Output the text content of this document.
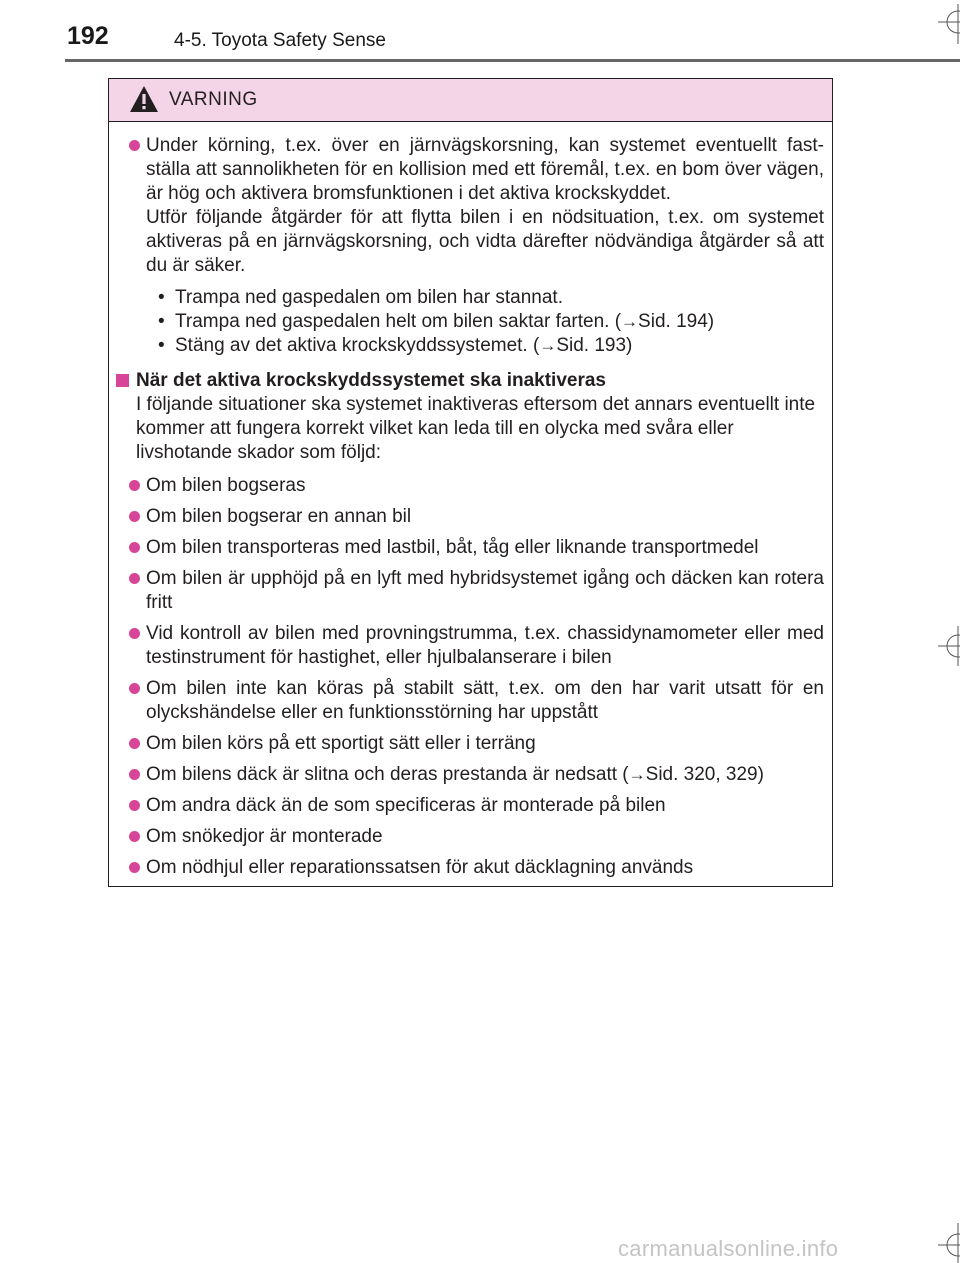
192	4-5. Toyota Safety Sense
VARNING
Under körning, t.ex. över en järnvägskorsning, kan systemet eventuellt fast-ställa att sannolikheten för en kollision med ett föremål, t.ex. en bom över vägen, är hög och aktivera bromsfunktionen i det aktiva krockskyddet.
Utför följande åtgärder för att flytta bilen i en nödsituation, t.ex. om systemet aktiveras på en järnvägskorsning, och vidta därefter nödvändiga åtgärder så att du är säker.
• Trampa ned gaspedalen om bilen har stannat.
• Trampa ned gaspedalen helt om bilen saktar farten. (→Sid. 194)
• Stäng av det aktiva krockskyddssystemet. (→Sid. 193)
När det aktiva krockskyddssystemet ska inaktiveras
I följande situationer ska systemet inaktiveras eftersom det annars eventuellt inte kommer att fungera korrekt vilket kan leda till en olycka med svåra eller livshotande skador som följd:
Om bilen bogseras
Om bilen bogserar en annan bil
Om bilen transporteras med lastbil, båt, tåg eller liknande transportmedel
Om bilen är upphöjd på en lyft med hybridsystemet igång och däcken kan rotera fritt
Vid kontroll av bilen med provningstrumma, t.ex. chassidynamometer eller med testinstrument för hastighet, eller hjulbalanserare i bilen
Om bilen inte kan köras på stabilt sätt, t.ex. om den har varit utsatt för en olyckshändelse eller en funktionsstörning har uppstått
Om bilen körs på ett sportigt sätt eller i terräng
Om bilens däck är slitna och deras prestanda är nedsatt (→Sid. 320, 329)
Om andra däck än de som specificeras är monterade på bilen
Om snökedjor är monterade
Om nödhjul eller reparationssatsen för akut däcklagning används
carmanualsonline.info
